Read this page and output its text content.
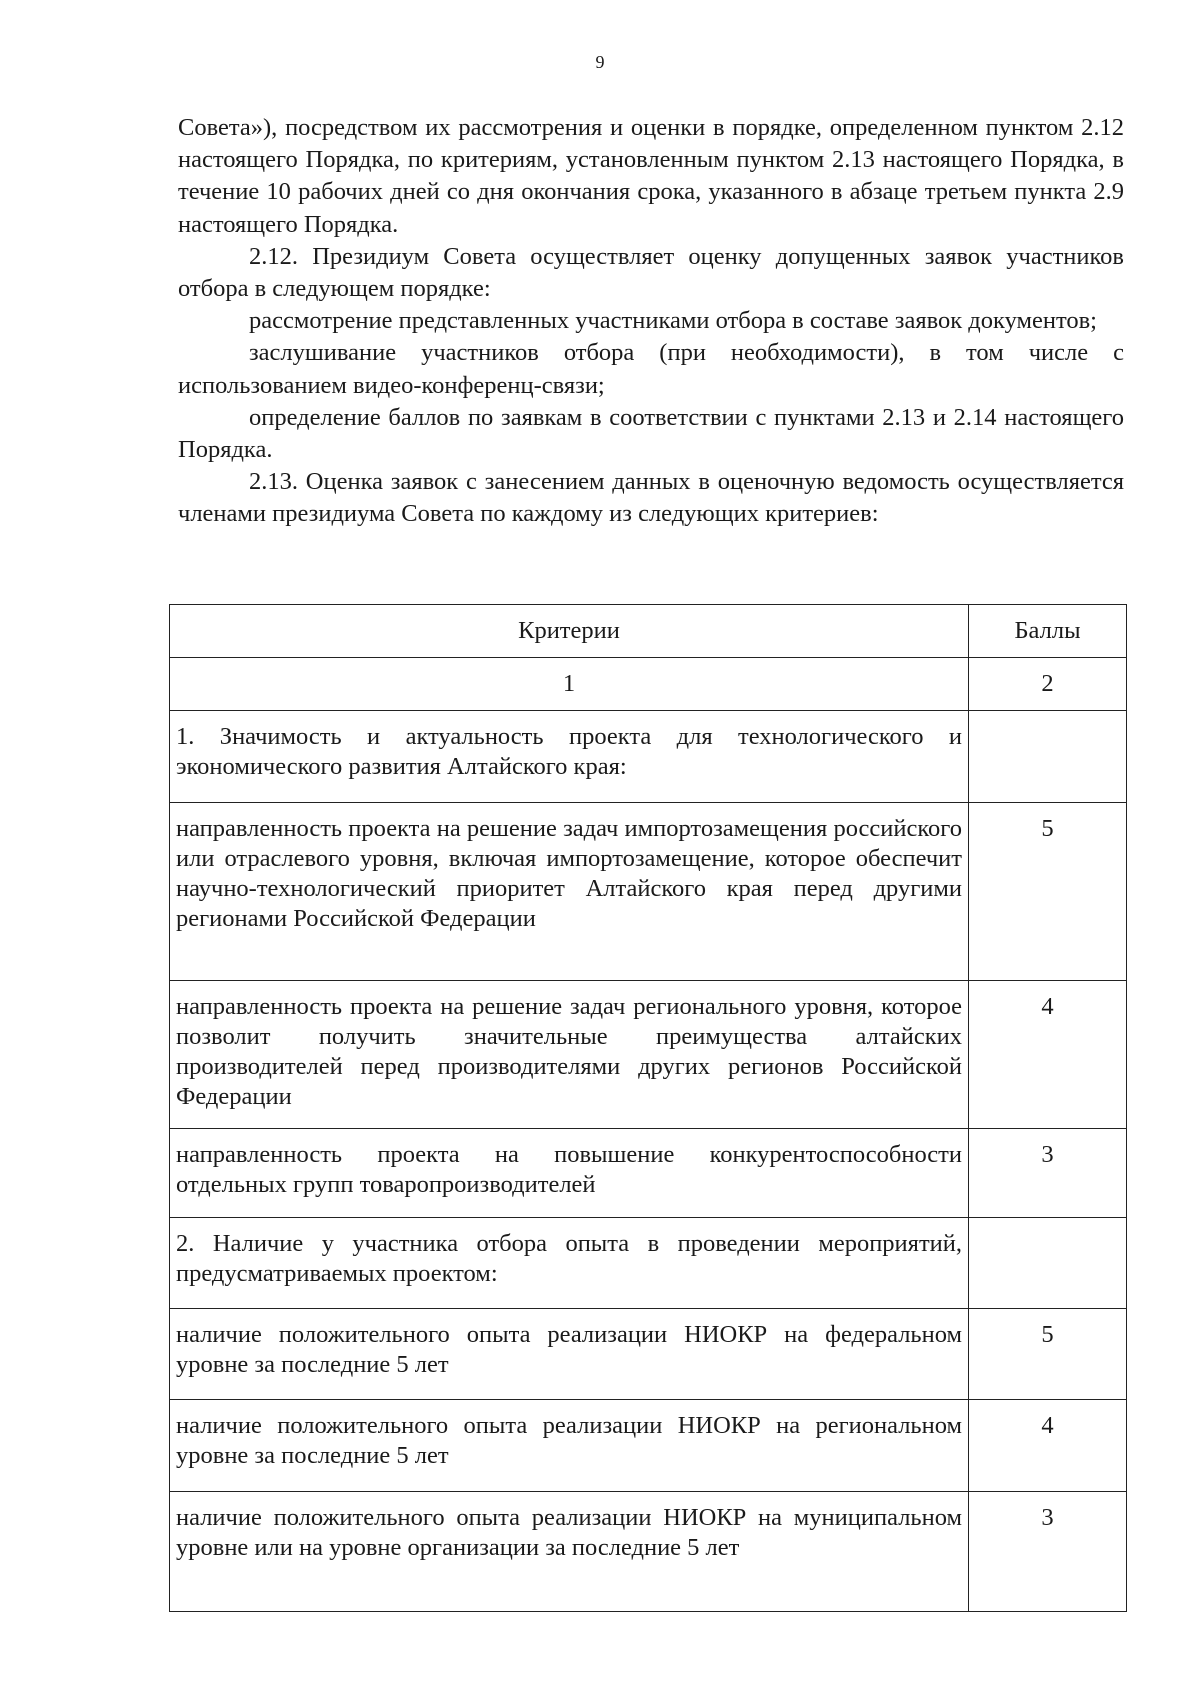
9

Совета»), посредством их рассмотрения и оценки в порядке, определенном пунктом 2.12 настоящего Порядка, по критериям, установленным пунктом 2.13 настоящего Порядка, в течение 10 рабочих дней со дня окончания срока, указанного в абзаце третьем пункта 2.9 настоящего Порядка.

2.12. Президиум Совета осуществляет оценку допущенных заявок участников отбора в следующем порядке:

рассмотрение представленных участниками отбора в составе заявок документов;

заслушивание участников отбора (при необходимости), в том числе с использованием видео-конференц-связи;

определение баллов по заявкам в соответствии с пунктами 2.13 и 2.14 настоящего Порядка.

2.13. Оценка заявок с занесением данных в оценочную ведомость осуществляется членами президиума Совета по каждому из следующих критериев:

Критерии	Баллы
1	2
1. Значимость и актуальность проекта для технологического и экономического развития Алтайского края:	
направленность проекта на решение задач импортозамещения российского или отраслевого уровня, включая импортозамещение, которое обеспечит научно-технологический приоритет Алтайского края перед другими регионами Российской Федерации	5
направленность проекта на решение задач регионального уровня, которое позволит получить значительные преимущества алтайских производителей перед производителями других регионов Российской Федерации	4
направленность проекта на повышение конкурентоспособности отдельных групп товаропроизводителей	3
2. Наличие у участника отбора опыта в проведении мероприятий, предусматриваемых проектом:	
наличие положительного опыта реализации НИОКР на федеральном уровне за последние 5 лет	5
наличие положительного опыта реализации НИОКР на региональном уровне за последние 5 лет	4
наличие положительного опыта реализации НИОКР на муниципальном уровне или на уровне организации за последние 5 лет	3
